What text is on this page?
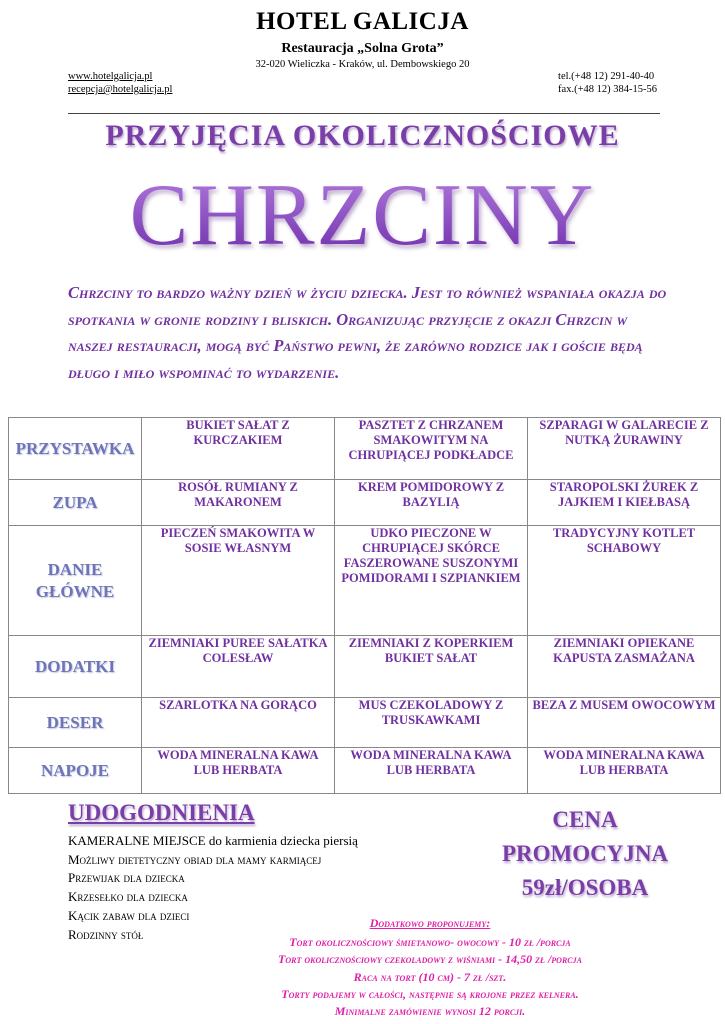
HOTEL GALICJA
Restauracja „Solna Grota”
32-020 Wieliczka - Kraków, ul. Dembowskiego 20
www.hotelgalicja.pl
recepcja@hotelgalicja.pl
tel.(+48 12) 291-40-40
fax.(+48 12) 384-15-56
PRZYJĘCIA OKOLICZNOŚCIOWE
CHRZCINY
Chrzciny to bardzo ważny dzień w życiu dziecka. Jest to również wspaniała okazja do spotkania w gronie rodziny i bliskich. Organizując przyjęcie z okazji Chrzcin w naszej restauracji, mogą być Państwo pewni, że zarówno rodzice jak i goście będą długo i miło wspominać to wydarzenie.
PRZYSTAWKA	BUKIET SAŁAT Z KURCZAKIEM	PASZTET Z CHRZANEM SMAKOWITYM NA CHRUPIĄCEJ PODKŁADCE	SZPARAGI W GALARECIE Z NUTKĄ ŻURAWINY
ZUPA	ROSÓŁ RUMIANY Z MAKARONEM	KREM POMIDOROWY Z BAZYLIĄ	STAROPOLSKI ŻUREK Z JAJKIEM I KIEŁBASĄ
DANIE GŁÓWNE	PIECZEŃ SMAKOWITA W SOSIE WŁASNYM	UDKO PIECZONE W CHRUPIĄCEJ SKÓRCE FASZEROWANE SUSZONYMI POMIDORAMI I SZPIANKIEM	TRADYCYJNY KOTLET SCHABOWY
DODATKI	ZIEMNIAKI PUREE SAŁATKA COLESŁAW	ZIEMNIAKI Z KOPERKIEM BUKIET SAŁAT	ZIEMNIAKI OPIEKANE KAPUSTA ZASMAŻANA
DESER	SZARLOTKA NA GORĄCO	MUS CZEKOLADOWY Z TRUSKAWKAMI	BEZA Z MUSEM OWOCOWYM
NAPOJE	WODA MINERALNA KAWA LUB HERBATA	WODA MINERALNA KAWA LUB HERBATA	WODA MINERALNA KAWA LUB HERBATA
UDOGODNIENIA
KAMERALNE MIEJSCE do karmienia dziecka piersią
Możliwy dietetyczny obiad dla mamy karmiącej
Przewijak dla dziecka
Krzesełko dla dziecka
Kącik zabaw dla dzieci
Rodzinny stół
CENA
PROMOCYJNA
59zł/OSOBA
Dodatkowo proponujemy:
Tort okolicznościowy śmietanowo- owocowy - 10 zł /porcja
Tort okolicznościowy czekoladowy z wiśniami - 14,50 zł /porcja
Raca na tort (10 cm) - 7 zł /szt.
Torty podajemy w całości, następnie są krojone przez kelnera.
Minimalne zamówienie wynosi 12 porcji.
